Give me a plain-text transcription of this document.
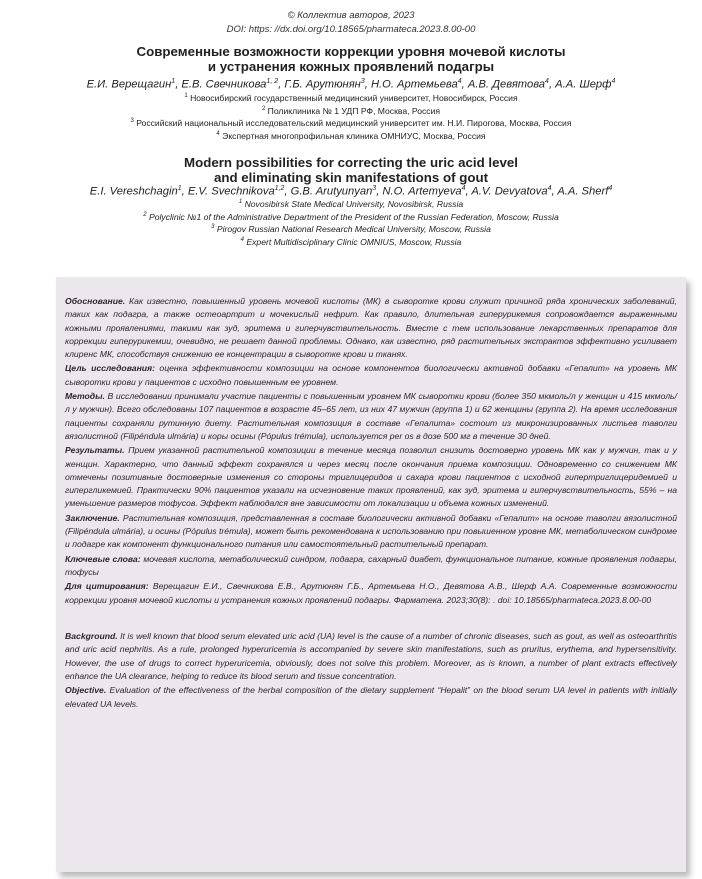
© Коллектив авторов, 2023
DOI: https: //dx.doi.org/10.18565/pharmateca.2023.8.00-00
Современные возможности коррекции уровня мочевой кислоты
и устранения кожных проявлений подагры
Е.И. Верещагин$^1$, Е.В. Свечникова$^{1, 2}$, Г.Б. Арутюнян$^3$, Н.О. Артемьева$^4$, А.В. Девятова$^4$, А.А. Шерф$^4$
$^1$ Новосибирский государственный медицинский университет, Новосибирск, Россия
$^2$ Поликлиника № 1 УДП РФ, Москва, Россия
$^3$ Российский национальный исследовательский медицинский университет им. Н.И. Пирогова, Москва, Россия
$^4$ Экспертная многопрофильная клиника ОМНИУС, Москва, Россия
Modern possibilities for correcting the uric acid level
and eliminating skin manifestations of gout
E.I. Vereshchagin$^1$, E.V. Svechnikova$^{1,2}$, G.B. Arutyunyan$^3$, N.O. Artemyeva$^4$, A.V. Devyatova$^4$, A.A. Sherf$^4$
$^1$ Novosibirsk State Medical University, Novosibirsk, Russia
$^2$ Polyclinic №1 of the Administrative Department of the President of the Russian Federation, Moscow, Russia
$^3$ Pirogov Russian National Research Medical University, Moscow, Russia
$^4$ Expert Multidisciplinary Clinic OMNIUS, Moscow, Russia

Обоснование. Как известно, повышенный уровень мочевой кислоты (МК) в сыворотке крови служит причиной ряда хронических заболеваний, таких как подагра, а также остеоартрит и мочекислый нефрит. Как правило, длительная гиперурикемия сопровождается выраженными кожными проявлениями, такими как зуд, эритема и гиперчувствительность. Вместе с тем использование лекарственных препаратов для коррекции гиперурикемии, очевидно, не решает данной проблемы. Однако, как известно, ряд растительных экстрактов эффективно усиливает клиренс МК, способствуя снижению ее концентрации в сыворотке крови и тканях.

Цель исследования: оценка эффективности композиции на основе компонентов биологически активной добавки «Гепалит» на уровень МК сыворотки крови у пациентов с исходно повышенным ее уровнем.

Методы. В исследовании принимали участие пациенты с повышенным уровнем МК сыворотки крови (более 350 мкмоль/л у женщин и 415 мкмоль/л у мужчин). Всего обследованы 107 пациентов в возрасте 45–65 лет, из них 47 мужчин (группа 1) и 62 женщины (группа 2). На время исследования пациенты сохраняли рутинную диету. Растительная композиция в составе «Гепалита» состоит из микронизированных листьев таволги вязолистной (Filipéndula ulmária) и коры осины (Pópulus trémula), используется per os в дозе 500 мг в течение 30 дней.

Результаты. Прием указанной растительной композиции в течение месяца позволил снизить достоверно уровень МК как у мужчин, так и у женщин. Характерно, что данный эффект сохранялся и через месяц после окончания приема композиции. Одновременно со снижением МК отмечены позитивные достоверные изменения со стороны триглицеридов и сахара крови пациентов с исходной гипертриглицеридемией и гипергликемией. Практически 90% пациентов указали на исчезновение таких проявлений, как зуд, эритема и гиперчувствительность, 55% – на уменьшение размеров тофусов. Эффект наблюдался вне зависимости от локализации и объема кожных изменений.

Заключение. Растительная композиция, представленная в составе биологически активной добавки «Гепалит» на основе таволги вязолистной (Filipéndula ulmária), и осины (Pópulus trémula), может быть рекомендована к использованию при повышенном уровне МК, метаболическом синдроме и подагре как компонент функционального питания или самостоятельный растительный препарат.

Ключевые слова: мочевая кислота, метаболический синдром, подагра, сахарный диабет, функциональное питание, кожные проявления подагры, тофусы

Для цитирования: Верещагин Е.И., Свечникова Е.В., Арутюнян Г.Б., Артемьева Н.О., Девятова А.В., Шерф А.А. Современные возможности коррекции уровня мочевой кислоты и устранения кожных проявлений подагры. Фарматека. 2023;30(8): . doi: 10.18565/pharmateca.2023.8.00-00

Background. It is well known that blood serum elevated uric acid (UA) level is the cause of a number of chronic diseases, such as gout, as well as osteoarthritis and uric acid nephritis. As a rule, prolonged hyperuricemia is accompanied by severe skin manifestations, such as pruritus, erythema, and hypersensitivity. However, the use of drugs to correct hyperuricemia, obviously, does not solve this problem. Moreover, as is known, a number of plant extracts effectively enhance the UA clearance, helping to reduce its blood serum and tissue concentration.

Objective. Evaluation of the effectiveness of the herbal composition of the dietary supplement “Hepalit” on the blood serum UA level in patients with initially elevated UA levels.
